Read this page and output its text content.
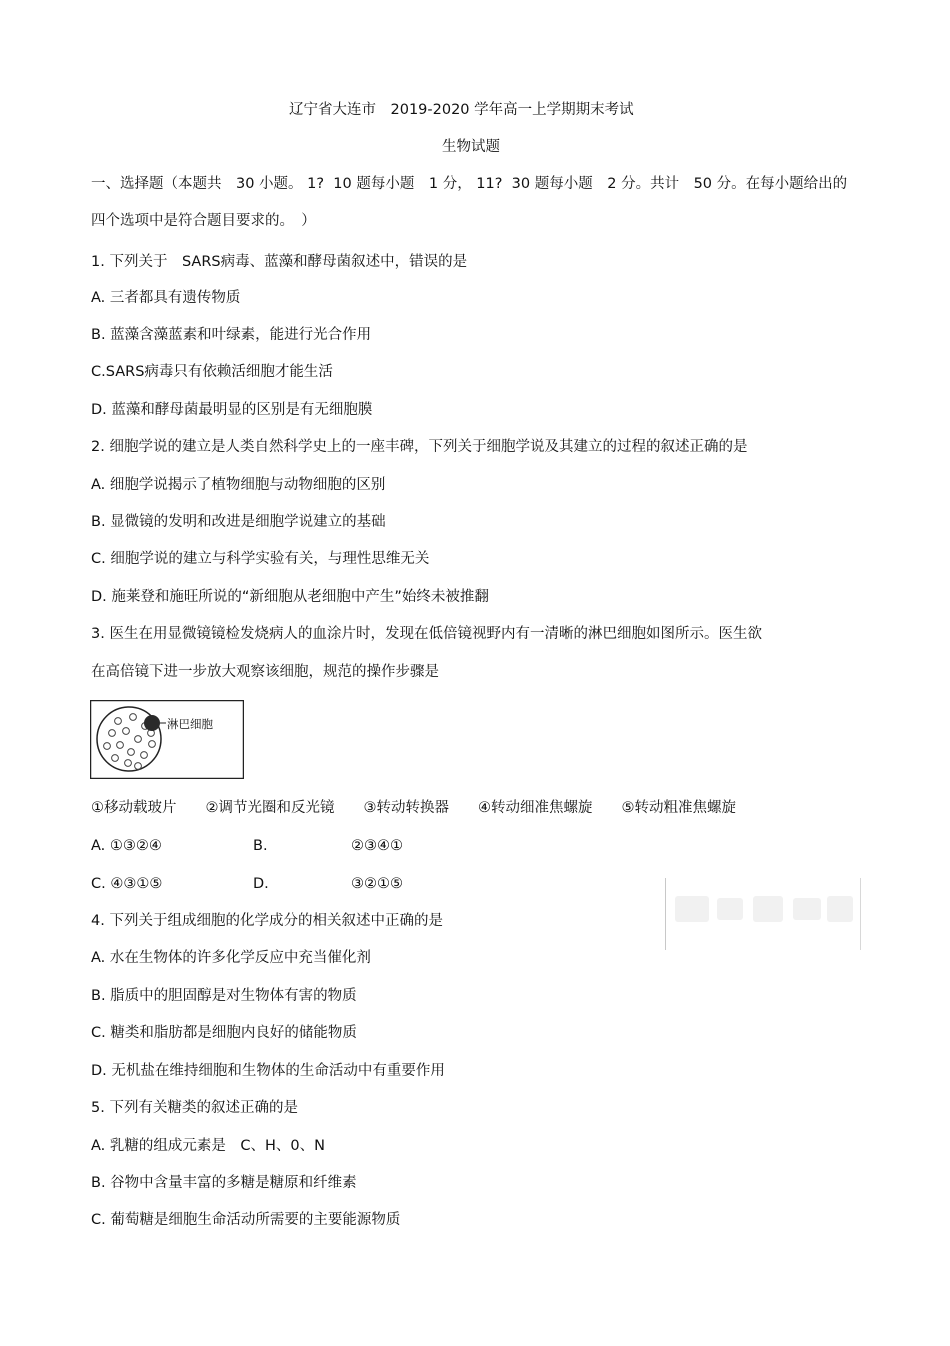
辽宁省大连市　2019-2020 学年高一上学期期末考试
生物试题
一、选择题（本题共　30 小题。 1?  10 题每小题　1 分， 11?  30 题每小题　2 分。共计　50 分。在每小题给出的
四个选项中是符合题目要求的。　）
1. 下列关于　SARS病毒、蓝藻和酵母菌叙述中，错误的是
A. 三者都具有遗传物质
B. 蓝藻含藻蓝素和叶绿素，能进行光合作用
C.SARS病毒只有依赖活细胞才能生活
D. 蓝藻和酵母菌最明显的区别是有无细胞膜
2. 细胞学说的建立是人类自然科学史上的一座丰碑，下列关于细胞学说及其建立的过程的叙述正确的是
A. 细胞学说揭示了植物细胞与动物细胞的区别
B. 显微镜的发明和改进是细胞学说建立的基础
C. 细胞学说的建立与科学实验有关，与理性思维无关
D. 施莱登和施旺所说的“新细胞从老细胞中产生”始终未被推翻
3. 医生在用显微镜镜检发烧病人的血涂片时，发现在低倍镜视野内有一清晰的淋巴细胞如图所示。医生欲
在高倍镜下进一步放大观察该细胞，规范的操作步骤是
淋巴细胞
①移动载玻片　　②调节光圈和反光镜　　③转动转换器　　④转动细准焦螺旋　　⑤转动粗准焦螺旋
A. ①③②④	B.	②③④①
C. ④③①⑤	D.	③②①⑤
4. 下列关于组成细胞的化学成分的相关叙述中正确的是
A. 水在生物体的许多化学反应中充当催化剂
B. 脂质中的胆固醇是对生物体有害的物质
C. 糖类和脂肪都是细胞内良好的储能物质
D. 无机盐在维持细胞和生物体的生命活动中有重要作用
5. 下列有关糖类的叙述正确的是
A. 乳糖的组成元素是　C、H、0、N
B. 谷物中含量丰富的多糖是糖原和纤维素
C. 葡萄糖是细胞生命活动所需要的主要能源物质
